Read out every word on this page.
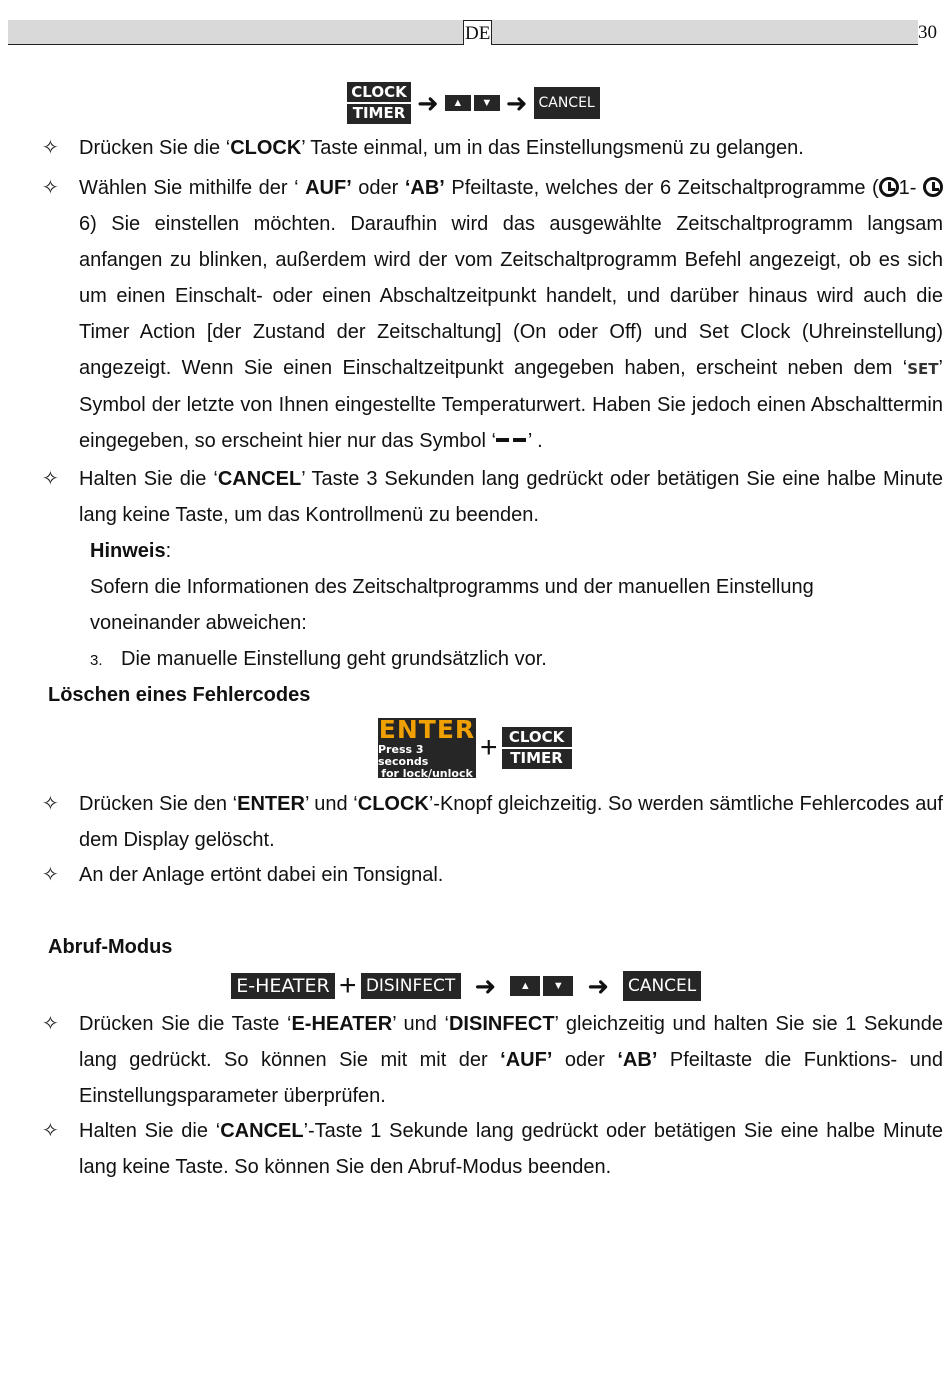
DE	30
CLOCK
TIMER ➜	▲	▼ ➜ CANCEL
✧ Drücken Sie die ‘CLOCK’ Taste einmal, um in das Einstellungsmenü zu gelangen.
✧ Wählen Sie mithilfe der ‘ AUF’ oder ‘AB’ Pfeiltaste, welches der 6 Zeitschaltprogramme ( 1- 6) Sie einstellen möchten. Daraufhin wird das ausgewählte Zeitschaltprogramm langsam anfangen zu blinken, außerdem wird der vom Zeitschaltprogramm Befehl angezeigt, ob es sich um einen Einschalt- oder einen Abschaltzeitpunkt handelt, und darüber hinaus wird auch die Timer Action [der Zustand der Zeitschaltung] (On oder Off) und Set Clock (Uhreinstellung) angezeigt. Wenn Sie einen Einschaltzeitpunkt angegeben haben, erscheint neben dem ‘SET’ Symbol der letzte von Ihnen eingestellte Temperaturwert. Haben Sie jedoch einen Abschalttermin eingegeben, so erscheint hier nur das Symbol ‘ ’ .
✧ Halten Sie die ‘CANCEL’ Taste 3 Sekunden lang gedrückt oder betätigen Sie eine halbe Minute lang keine Taste, um das Kontrollmenü zu beenden.
Hinweis:
Sofern die Informationen des Zeitschaltprogramms und der manuellen Einstellung
voneinander abweichen:
3. Die manuelle Einstellung geht grundsätzlich vor.
Löschen eines Fehlercodes
ENTER
Press 3 seconds
for lock/unlock
+ CLOCK
TIMER
✧ Drücken Sie den ‘ENTER’ und ‘CLOCK’-Knopf gleichzeitig. So werden sämtliche Fehlercodes auf dem Display gelöscht.
✧ An der Anlage ertönt dabei ein Tonsignal.
Abruf-Modus
E-HEATER + DISINFECT ➜	▲	▼ ➜ CANCEL
✧ Drücken Sie die Taste ‘E-HEATER’ und ‘DISINFECT’ gleichzeitig und halten Sie sie 1 Sekunde lang gedrückt. So können Sie mit mit der ‘AUF’ oder ‘AB’ Pfeiltaste die Funktions- und Einstellungsparameter überprüfen.
✧ Halten Sie die ‘CANCEL’-Taste 1 Sekunde lang gedrückt oder betätigen Sie eine halbe Minute lang keine Taste. So können Sie den Abruf-Modus beenden.
